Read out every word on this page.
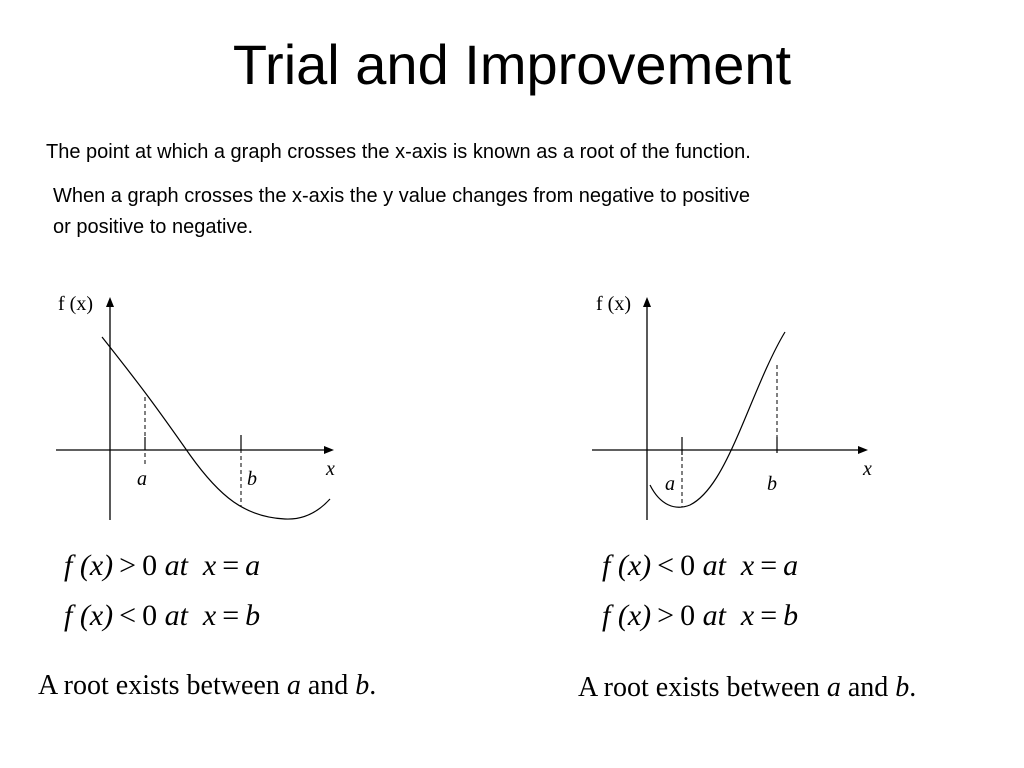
Trial and Improvement
The point at which a graph crosses the x-axis is known as a root of the function.
When a graph crosses the x-axis the y value changes from negative to positive
or positive to negative.
f (x)
x
a	b
f (x)
x
a	b
f (x) > 0 at x = a
f (x) < 0 at x = b
f (x) < 0 at x = a
f (x) > 0 at x = b
A root exists between a and b.	A root exists between a and b.
